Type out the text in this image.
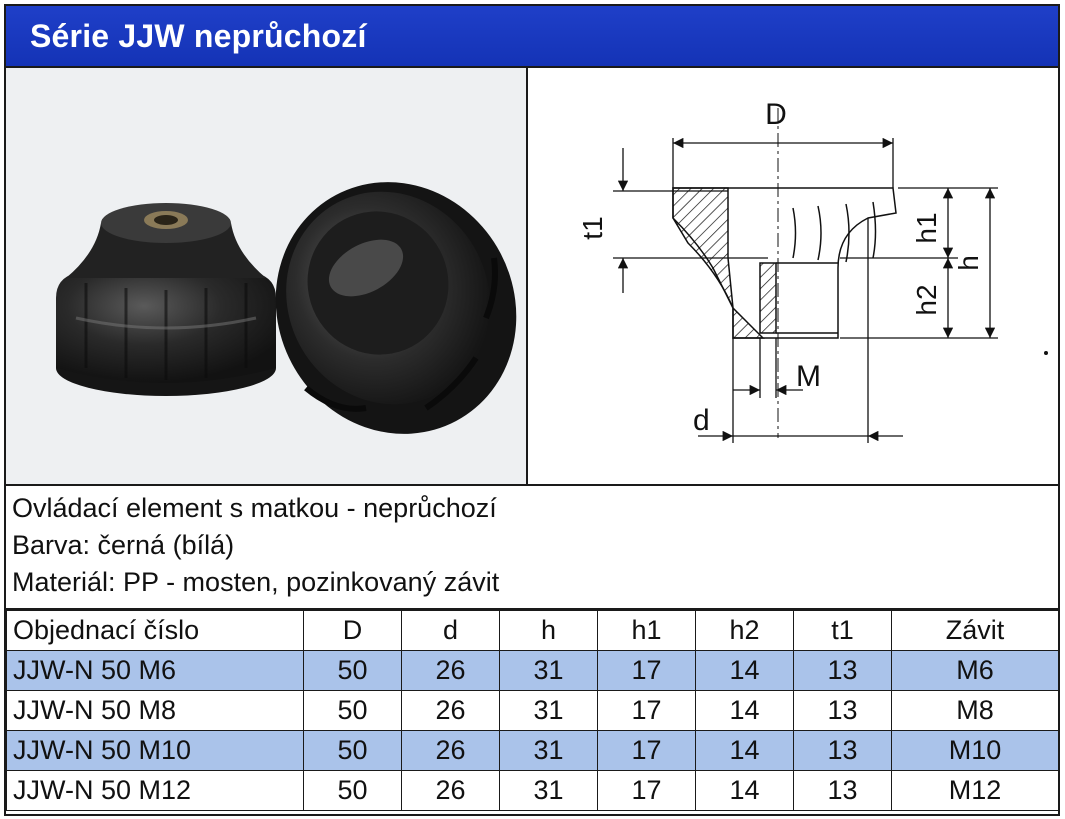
Série JJW neprůchozí
D
t1	h1
h2
h
M
d
Ovládací element s matkou - neprůchozí
Barva: černá (bílá)
Materiál: PP - mosten, pozinkovaný závit
Objednací číslo	D	d	h	h1	h2	t1	Závit
JJW-N 50 M6	50	26	31	17	14	13	M6
JJW-N 50 M8	50	26	31	17	14	13	M8
JJW-N 50 M10	50	26	31	17	14	13	M10
JJW-N 50 M12	50	26	31	17	14	13	M12
